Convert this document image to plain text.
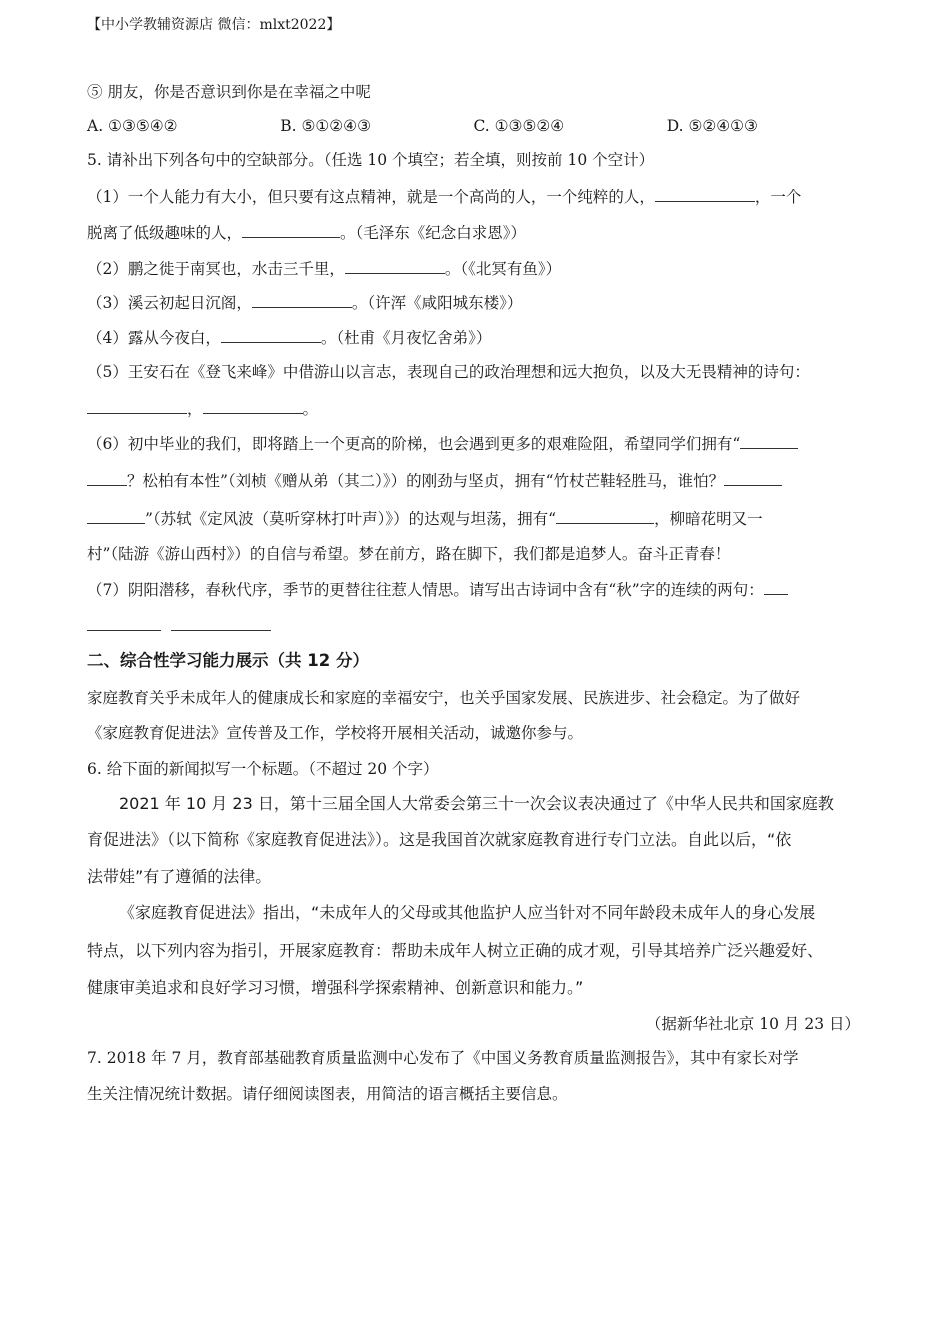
【中小学教辅资源店 微信：mlxt2022】
⑤ 朋友，你是否意识到你是在幸福之中呢
A. ①③⑤④②	B. ⑤①②④③	C. ①③⑤②④	D. ⑤②④①③
5. 请补出下列各句中的空缺部分。（任选 10 个填空；若全填，则按前 10 个空计）
（1）一个人能力有大小，但只要有这点精神，就是一个高尚的人，一个纯粹的人，	，一个
脱离了低级趣味的人，	。（毛泽东《纪念白求恩》）
（2）鹏之徙于南冥也，水击三千里，	。（《北冥有鱼》）
（3）溪云初起日沉阁，	。（许浑《咸阳城东楼》）
（4）露从今夜白，	。（杜甫《月夜忆舍弟》）
（5）王安石在《登飞来峰》中借游山以言志，表现自己的政治理想和远大抱负，以及大无畏精神的诗句：
，	。
（6）初中毕业的我们，即将踏上一个更高的阶梯，也会遇到更多的艰难险阻，希望同学们拥有“
？松柏有本性”（刘桢《赠从弟（其二）》）的刚劲与坚贞，拥有“竹杖芒鞋轻胜马，谁怕？
”（苏轼《定风波（莫听穿林打叶声）》）的达观与坦荡，拥有“	，柳暗花明又一
村”（陆游《游山西村》）的自信与希望。梦在前方，路在脚下，我们都是追梦人。奋斗正青春！
（7）阴阳潜移，春秋代序，季节的更替往往惹人情思。请写出古诗词中含有“秋”字的连续的两句：

二、综合性学习能力展示（共 12 分）
家庭教育关乎未成年人的健康成长和家庭的幸福安宁，也关乎国家发展、民族进步、社会稳定。为了做好
《家庭教育促进法》宣传普及工作，学校将开展相关活动，诚邀你参与。
6. 给下面的新闻拟写一个标题。（不超过 20 个字）
2021 年 10 月 23 日，第十三届全国人大常委会第三十一次会议表决通过了《中华人民共和国家庭教
育促进法》（以下简称《家庭教育促进法》）。这是我国首次就家庭教育进行专门立法。自此以后，“依
法带娃”有了遵循的法律。
《家庭教育促进法》指出，“未成年人的父母或其他监护人应当针对不同年龄段未成年人的身心发展
特点，以下列内容为指引，开展家庭教育：帮助未成年人树立正确的成才观，引导其培养广泛兴趣爱好、
健康审美追求和良好学习习惯，增强科学探索精神、创新意识和能力。”
（据新华社北京 10 月 23 日）
7. 2018 年 7 月，教育部基础教育质量监测中心发布了《中国义务教育质量监测报告》，其中有家长对学
生关注情况统计数据。请仔细阅读图表，用简洁的语言概括主要信息。
